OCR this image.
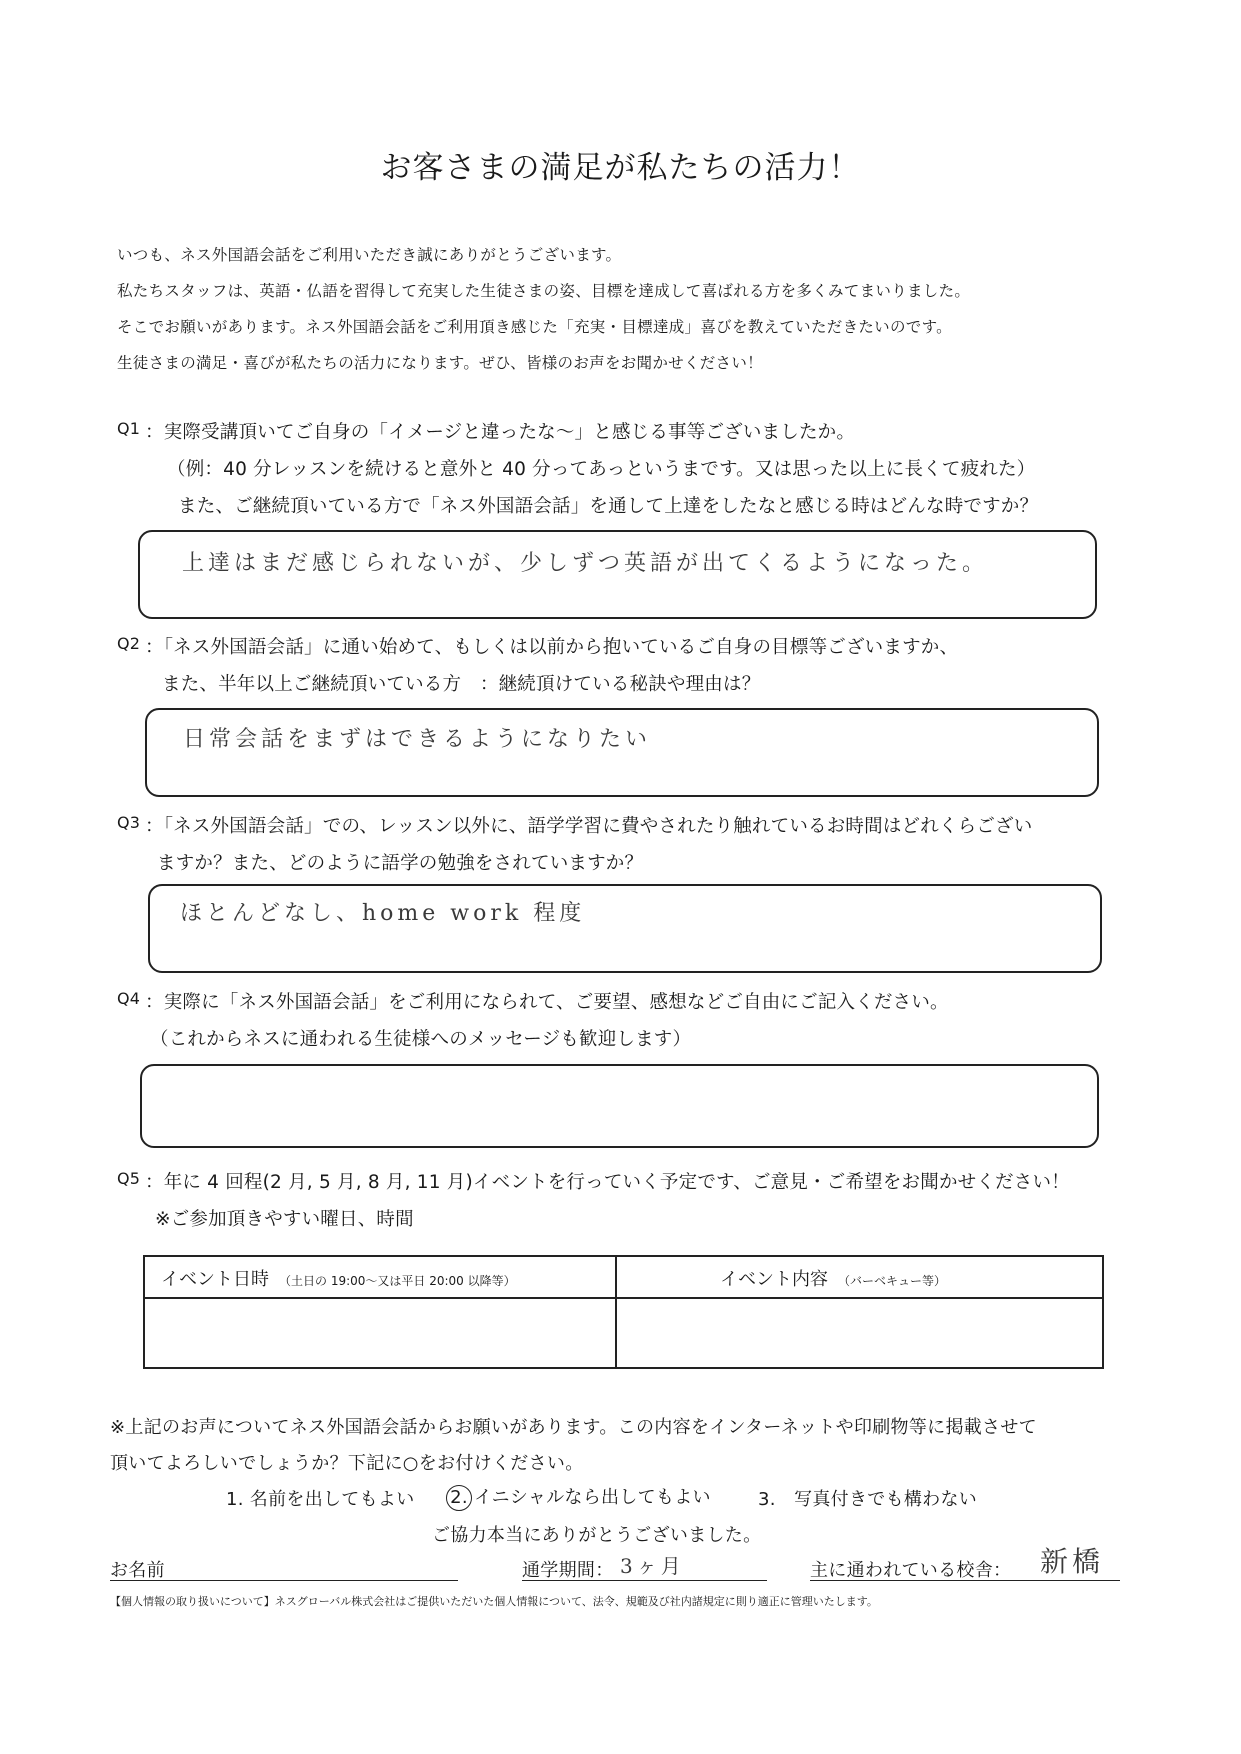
お客さまの満足が私たちの活力！
いつも、ネス外国語会話をご利用いただき誠にありがとうございます。
私たちスタッフは、英語・仏語を習得して充実した生徒さまの姿、目標を達成して喜ばれる方を多くみてまいりました。
そこでお願いがあります。ネス外国語会話をご利用頂き感じた「充実・目標達成」喜びを教えていただきたいのです。
生徒さまの満足・喜びが私たちの活力になります。ぜひ、皆様のお声をお聞かせください！
Q1 ：実際受講頂いてご自身の「イメージと違ったな～」と感じる事等ございましたか。
（例：40 分レッスンを続けると意外と 40 分ってあっというまです。又は思った以上に長くて疲れた）
また、ご継続頂いている方で「ネス外国語会話」を通して上達をしたなと感じる時はどんな時ですか？
上達はまだ感じられないが、少しずつ英語が出てくるようになった。
Q2 ：「ネス外国語会話」に通い始めて、もしくは以前から抱いているご自身の目標等ございますか、
また、半年以上ご継続頂いている方　：継続頂けている秘訣や理由は？
日常会話をまずはできるようになりたい
Q3 ：「ネス外国語会話」での、レッスン以外に、語学学習に費やされたり触れているお時間はどれくらござい
ますか？また、どのように語学の勉強をされていますか？
ほとんどなし、home work 程度
Q4 ：実際に「ネス外国語会話」をご利用になられて、ご要望、感想などご自由にご記入ください。
（これからネスに通われる生徒様へのメッセージも歓迎します）
Q5 ：年に 4 回程(2 月, 5 月, 8 月, 11 月)イベントを行っていく予定です、ご意見・ご希望をお聞かせください！
※ご参加頂きやすい曜日、時間
イベント日時 （土日の 19:00～又は平日 20:00 以降等）	イベント内容 （バーベキュー等）
※上記のお声についてネス外国語会話からお願いがあります。この内容をインターネットや印刷物等に掲載させて
頂いてよろしいでしょうか？下記に○をお付けください。
1. 名前を出してもよい 2. イニシャルなら出してもよい	3.　写真付きでも構わない
ご協力本当にありがとうございました。
お名前	通学期間： 3ヶ月	主に通われている校舎： 新橋
【個人情報の取り扱いについて】ネスグローバル株式会社はご提供いただいた個人情報について、法令、規範及び社内諸規定に則り適正に管理いたします。
